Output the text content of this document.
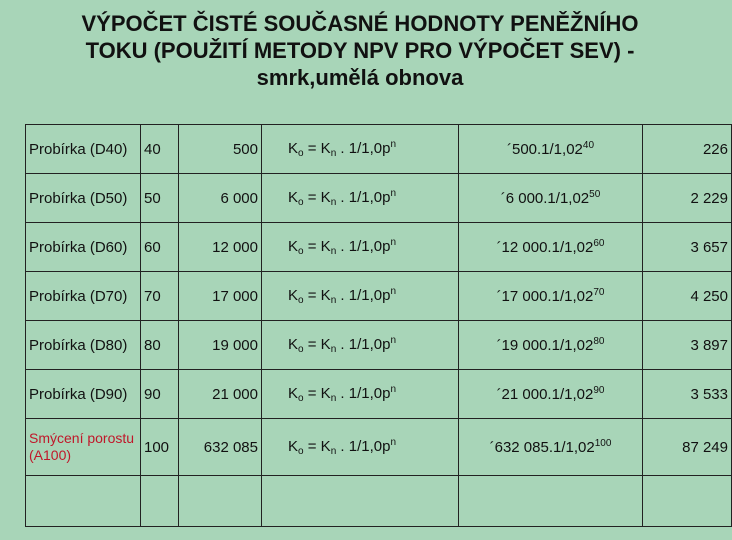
VÝPOČET ČISTÉ SOUČASNÉ HODNOTY PENĚŽNÍHO
TOKU (POUŽITÍ METODY NPV PRO VÝPOČET SEV) -
smrk,umělá obnova
Probírka (D40)	40	500	$K_o = K_n$ . $1/1,0p^n$	´500.1/1,02$^{40}$	226
Probírka (D50)	50	6 000	$K_o = K_n$ . $1/1,0p^n$	´6 000.1/1,02$^{50}$	2 229
Probírka (D60)	60	12 000	$K_o = K_n$ . $1/1,0p^n$	´12 000.1/1,02$^{60}$	3 657
Probírka (D70)	70	17 000	$K_o = K_n$ . $1/1,0p^n$	´17 000.1/1,02$^{70}$	4 250
Probírka (D80)	80	19 000	$K_o = K_n$ . $1/1,0p^n$	´19 000.1/1,02$^{80}$	3 897
Probírka (D90)	90	21 000	$K_o = K_n$ . $1/1,0p^n$	´21 000.1/1,02$^{90}$	3 533
Smýcení porostu (A100)	100	632 085	$K_o = K_n$ . $1/1,0p^n$	´632 085.1/1,02$^{100}$	87 249
